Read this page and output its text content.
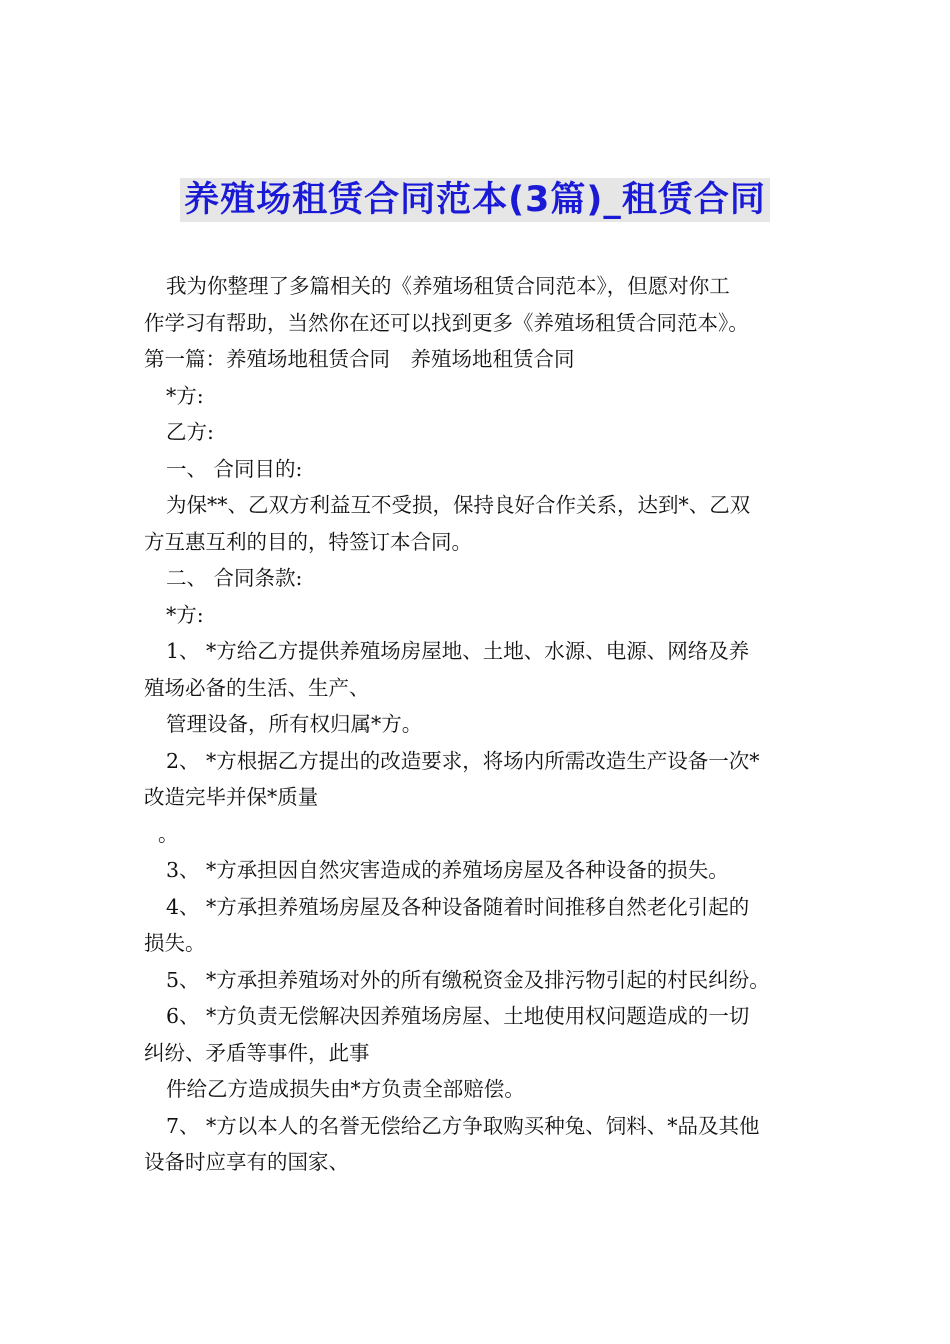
养殖场租赁合同范本(3篇)_租赁合同

我为你整理了多篇相关的《养殖场租赁合同范本》，但愿对你工

作学习有帮助，当然你在还可以找到更多《养殖场租赁合同范本》。

第一篇：养殖场地租赁合同　养殖场地租赁合同

*方:

乙方:

一、 合同目的:

为保**、乙双方利益互不受损，保持良好合作关系，达到*、乙双

方互惠互利的目的，特签订本合同。

二、 合同条款:

*方:

1、 *方给乙方提供养殖场房屋地、土地、水源、电源、网络及养

殖场必备的生活、生产、

管理设备，所有权归属*方。

2、 *方根据乙方提出的改造要求，将场内所需改造生产设备一次*

改造完毕并保*质量

。

3、 *方承担因自然灾害造成的养殖场房屋及各种设备的损失。

4、 *方承担养殖场房屋及各种设备随着时间推移自然老化引起的

损失。

5、 *方承担养殖场对外的所有缴税资金及排污物引起的村民纠纷。

6、 *方负责无偿解决因养殖场房屋、土地使用权问题造成的一切

纠纷、矛盾等事件，此事

件给乙方造成损失由*方负责全部赔偿。

7、 *方以本人的名誉无偿给乙方争取购买种兔、饲料、*品及其他

设备时应享有的国家、
